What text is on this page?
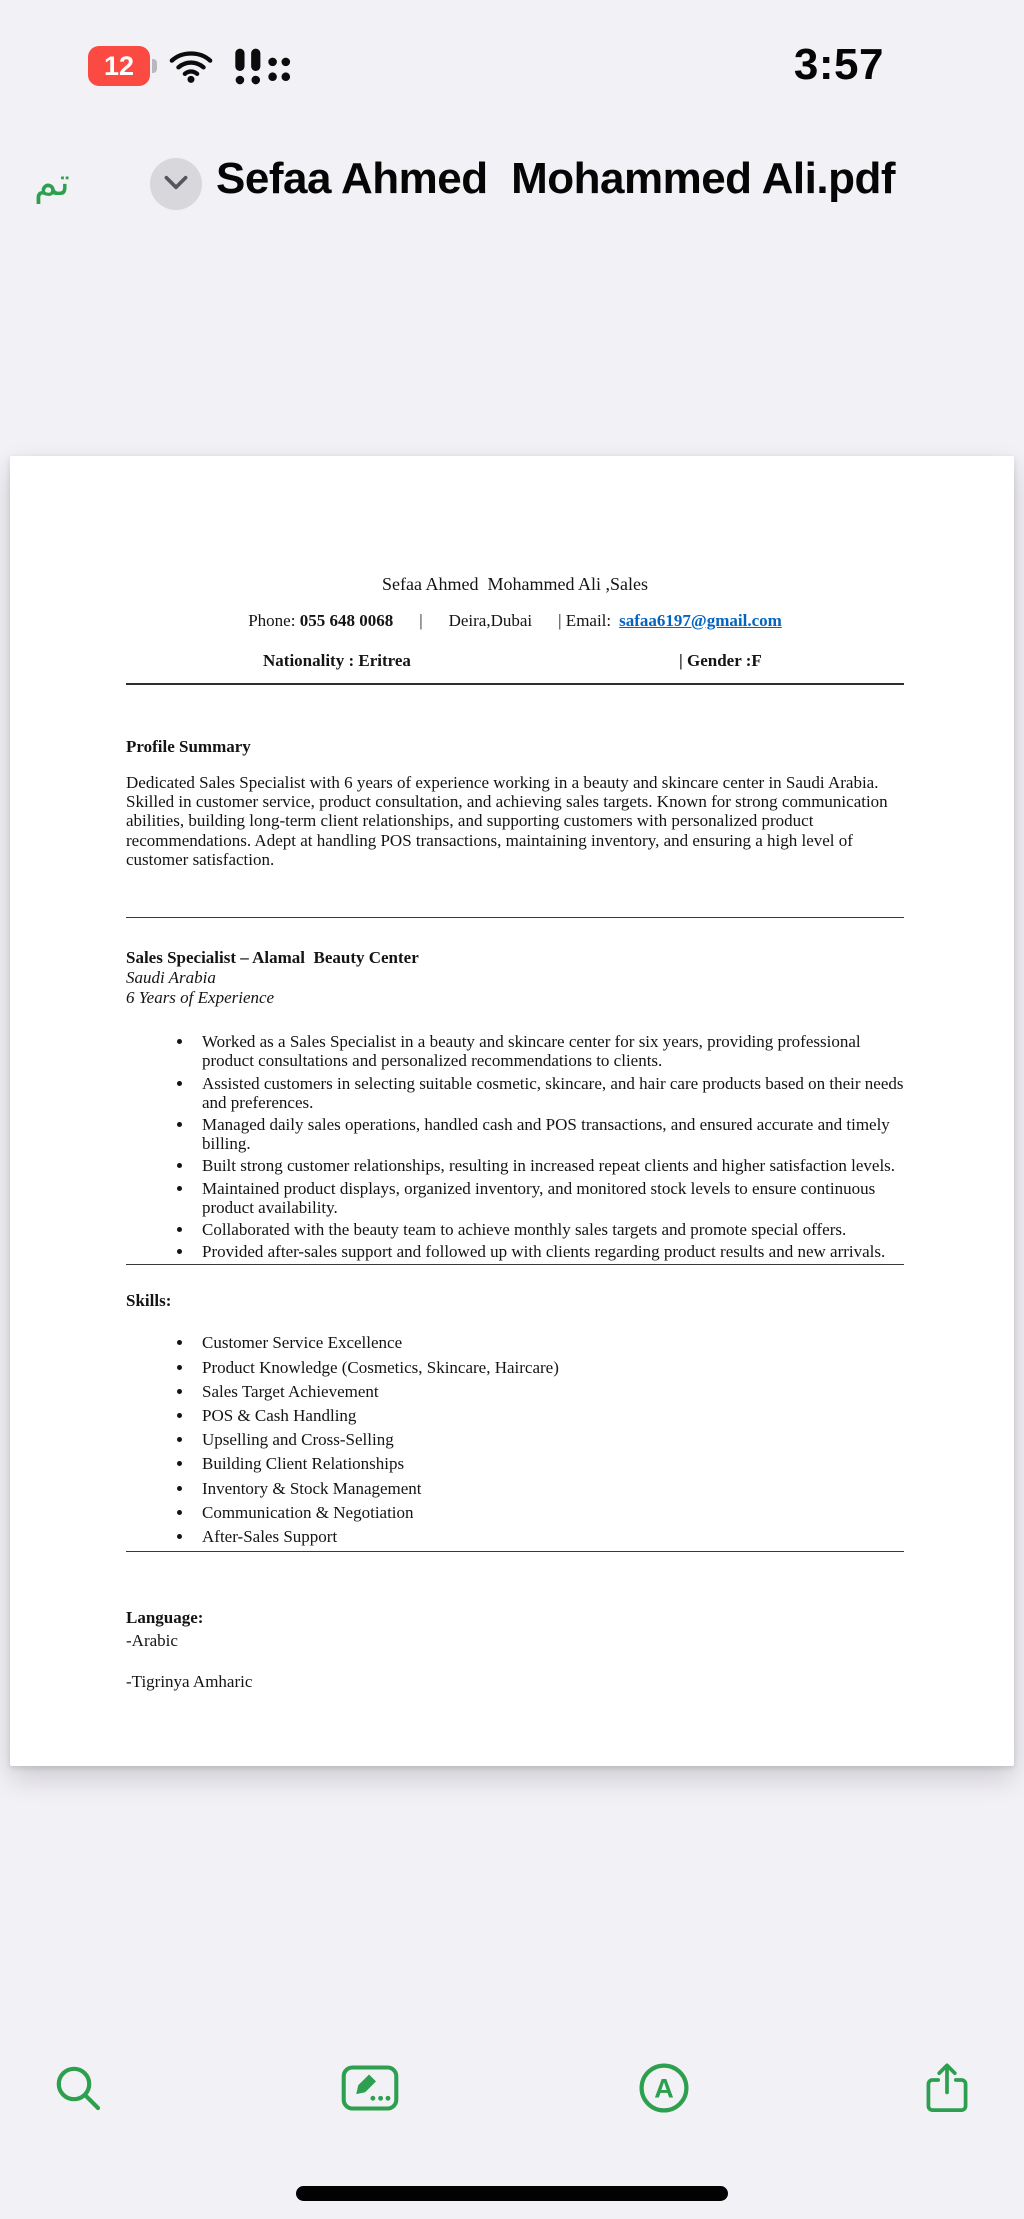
12	3:57
تم	Sefaa Ahmed  Mohammed Ali.pdf

Sefaa Ahmed  Mohammed Ali ,Sales

Phone: 055 648 0068 | Deira,Dubai | Email: safaa6197@gmail.com

Nationality : Eritrea	| Gender :F

Profile Summary

Dedicated Sales Specialist with 6 years of experience working in a beauty and skincare center in Saudi Arabia. Skilled in customer service, product consultation, and achieving sales targets. Known for strong communication abilities, building long-term client relationships, and supporting customers with personalized product recommendations. Adept at handling POS transactions, maintaining inventory, and ensuring a high level of customer satisfaction.

Sales Specialist – Alamal  Beauty Center

Saudi Arabia

6 Years of Experience

• Worked as a Sales Specialist in a beauty and skincare center for six years, providing professional product consultations and personalized recommendations to clients.
• Assisted customers in selecting suitable cosmetic, skincare, and hair care products based on their needs and preferences.
• Managed daily sales operations, handled cash and POS transactions, and ensured accurate and timely billing.
• Built strong customer relationships, resulting in increased repeat clients and higher satisfaction levels.
• Maintained product displays, organized inventory, and monitored stock levels to ensure continuous product availability.
• Collaborated with the beauty team to achieve monthly sales targets and promote special offers.
• Provided after-sales support and followed up with clients regarding product results and new arrivals.

Skills:

• Customer Service Excellence
• Product Knowledge (Cosmetics, Skincare, Haircare)
• Sales Target Achievement
• POS & Cash Handling
• Upselling and Cross-Selling
• Building Client Relationships
• Inventory & Stock Management
• Communication & Negotiation
• After-Sales Support

Language:

-Arabic

-Tigrinya Amharic

A
